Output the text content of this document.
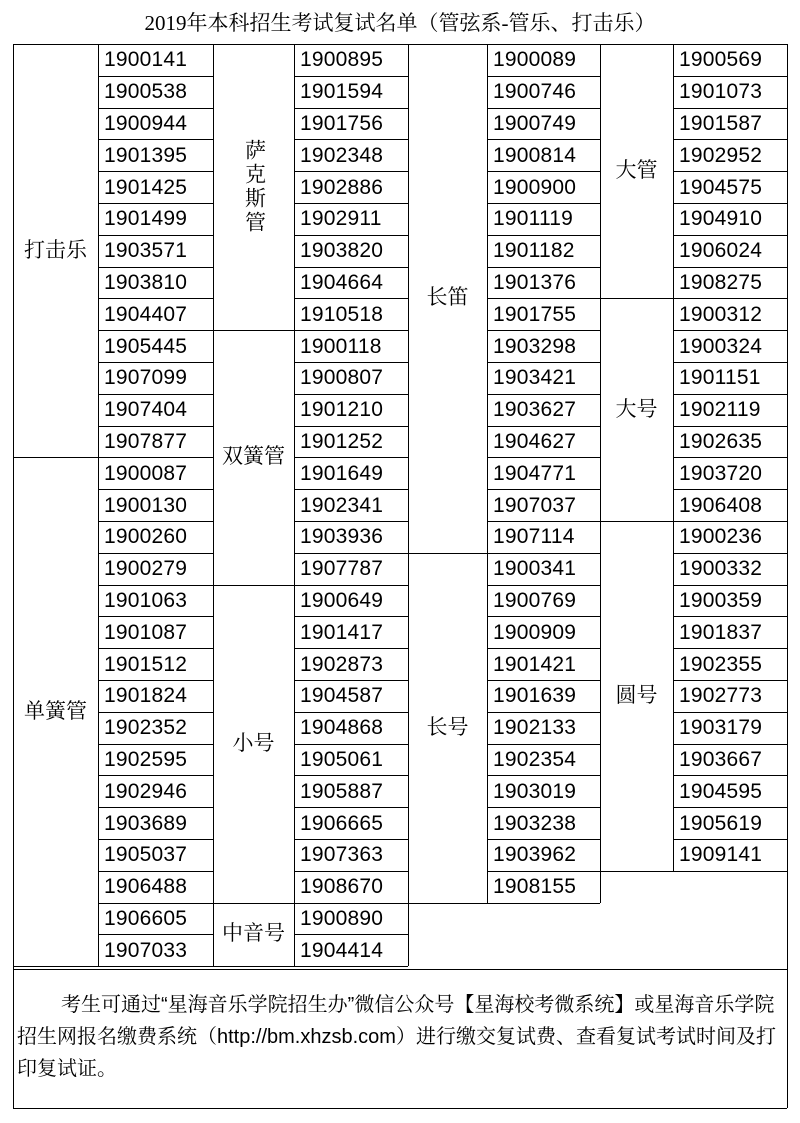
2019年本科招生考试复试名单（管弦系-管乐、打击乐）
打击乐
1900141
1900538
1900944
1901395
1901425
1901499
1903571
1903810
1904407
1905445
1907099
1907404
1907877
单簧管
1900087
1900130
1900260
1900279
1901063
1901087
1901512
1901824
1902352
1902595
1902946
1903689
1905037
1906488
1906605
1907033
萨克斯管
1900895
1901594
1901756
1902348
1902886
1902911
1903820
1904664
1910518
双簧管
1900118
1900807
1901210
1901252
1901649
1902341
1903936
1907787
小号
1900649
1901417
1902873
1904587
1904868
1905061
1905887
1906665
1907363
1908670
中音号
1900890
1904414
长笛
1900089
1900746
1900749
1900814
1900900
1901119
1901182
1901376
1901755
1903298
1903421
1903627
1904627
1904771
1907037
1907114
长号
1900341
1900769
1900909
1901421
1901639
1902133
1902354
1903019
1903238
1903962
1908155
大管
1900569
1901073
1901587
1902952
1904575
1904910
1906024
1908275
大号
1900312
1900324
1901151
1902119
1902635
1903720
1906408
圆号
1900236
1900332
1900359
1901837
1902355
1902773
1903179
1903667
1904595
1905619
1909141
考生可通过“星海音乐学院招生办”微信公众号【星海校考微系统】或星海音乐学院招生网报名缴费系统（http://bm.xhzsb.com）进行缴交复试费、查看复试考试时间及打印复试证。
